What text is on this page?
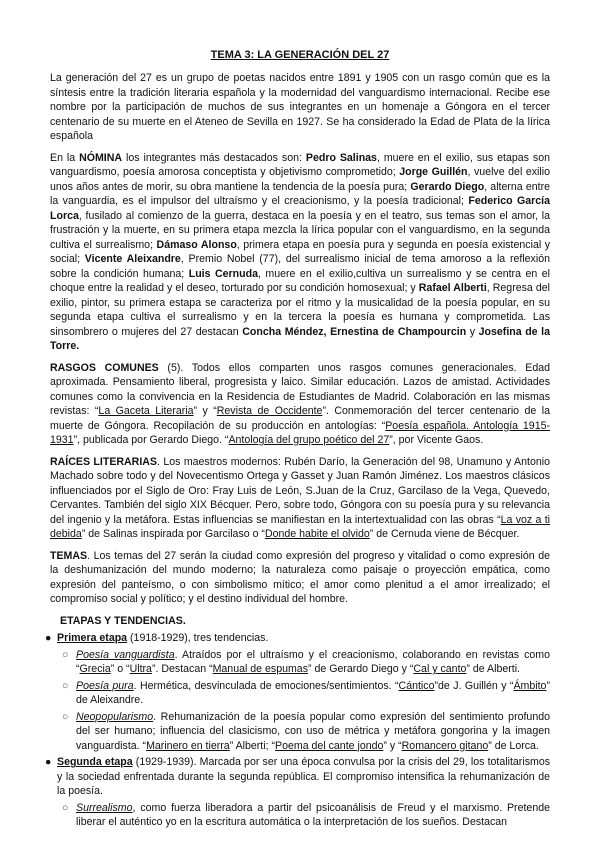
TEMA 3: LA GENERACIÓN DEL 27

La generación del 27 es un grupo de poetas nacidos entre 1891 y 1905 con un rasgo común que es la síntesis entre la tradición literaria española y la modernidad del vanguardismo internacional. Recibe ese nombre por la participación de muchos de sus integrantes en un homenaje a Góngora en el tercer centenario de su muerte en el Ateneo de Sevilla en 1927. Se ha considerado la Edad de Plata de la lírica española

En la NÓMINA los integrantes más destacados son: Pedro Salinas, muere en el exilio, sus etapas son vanguardismo, poesía amorosa conceptista y objetivismo comprometido; Jorge Guillén, vuelve del exilio unos años antes de morir, su obra mantiene la tendencia de la poesía pura; Gerardo Diego, alterna entre la vanguardia, es el impulsor del ultraísmo y el creacionismo, y la poesía tradicional; Federico García Lorca, fusilado al comienzo de la guerra, destaca en la poesía y en el teatro, sus temas son el amor, la frustración y la muerte, en su primera etapa mezcla la lírica popular con el vanguardismo, en la segunda cultiva el surrealismo; Dámaso Alonso, primera etapa en poesía pura y segunda en poesía existencial y social; Vicente Aleixandre, Premio Nobel (77), del surrealismo inicial de tema amoroso a la reflexión sobre la condición humana; Luis Cernuda, muere en el exilio,cultiva un surrealismo y se centra en el choque entre la realidad y el deseo, torturado por su condición homosexual; y Rafael Alberti, Regresa del exilio, pintor, su primera estapa se caracteriza por el ritmo y la musicalidad de la poesía popular, en su segunda etapa cultiva el surrealismo y en la tercera la poesía es humana y comprometida. Las sinsombrero o mujeres del 27 destacan Concha Méndez, Ernestina de Champourcin y Josefina de la Torre.

RASGOS COMUNES (5). Todos ellos comparten unos rasgos comunes generacionales. Edad aproximada. Pensamiento liberal, progresista y laico. Similar educación. Lazos de amistad. Actividades comunes como la convivencia en la Residencia de Estudiantes de Madrid. Colaboración en las mismas revistas: “La Gaceta Literaria” y “Revista de Occidente”. Conmemoración del tercer centenario de la muerte de Góngora. Recopilación de su producción en antologías: “Poesía española. Antología 1915-1931”, publicada por Gerardo Diego. “Antología del grupo poético del 27”, por Vicente Gaos.

RAÍCES LITERARIAS. Los maestros modernos: Rubén Darío, la Generación del 98, Unamuno y Antonio Machado sobre todo y del Novecentismo Ortega y Gasset y Juan Ramón Jiménez. Los maestros clásicos influenciados por el Siglo de Oro: Fray Luis de León, S.Juan de la Cruz, Garcilaso de la Vega, Quevedo, Cervantes. También del siglo XIX Bécquer. Pero, sobre todo, Góngora con su poesía pura y su relevancia del ingenio y la metáfora. Estas influencias se manifiestan en la intertextualidad con las obras “La voz a ti debida” de Salinas inspirada por Garcilaso o “Donde habite el olvido” de Cernuda viene de Bécquer.

TEMAS. Los temas del 27 serán la ciudad como expresión del progreso y vitalidad o como expresión de la deshumanización del mundo moderno; la naturaleza como paisaje o proyección empática, como expresión del panteísmo, o con simbolismo mítico; el amor como plenitud a el amor irrealizado; el compromiso social y político; y el destino individual del hombre.

ETAPAS Y TENDENCIAS.
● Primera etapa (1918-1929), tres tendencias.
○ Poesía vanguardista. Atraídos por el ultraísmo y el creacionismo, colaborando en revistas como “Grecia” o “Ultra”. Destacan “Manual de espumas” de Gerardo Diego y “Cal y canto” de Alberti.
○ Poesía pura. Hermética, desvinculada de emociones/sentimientos. “Cántico”de J. Guillén y “Ámbito” de Aleixandre.
○ Neopopularismo. Rehumanización de la poesía popular como expresión del sentimiento profundo del ser humano; influencia del clasicismo, con uso de métrica y metáfora gongorina y la imagen vanguardista. “Marinero en tierra” Alberti; “Poema del cante jondo” y “Romancero gitano” de Lorca.
● Segunda etapa (1929-1939). Marcada por ser una época convulsa por la crisis del 29, los totalitarismos y la sociedad enfrentada durante la segunda república. El compromiso intensifica la rehumanización de la poesía.
○ Surrealismo, como fuerza liberadora a partir del psicoanálisis de Freud y el marxismo. Pretende liberar el auténtico yo en la escritura automática o la interpretación de los sueños. Destacan
